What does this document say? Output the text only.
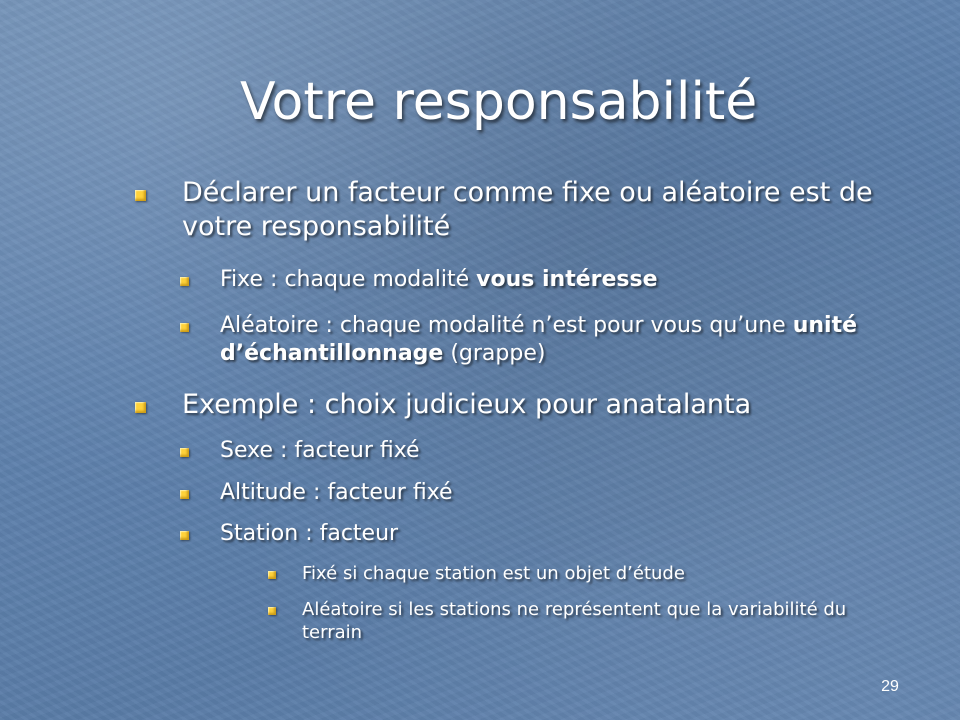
Votre responsabilité
Déclarer un facteur comme fixe ou aléatoire est de votre responsabilité
Fixe : chaque modalité vous intéresse
Aléatoire : chaque modalité n’est pour vous qu’une unité d’échantillonnage (grappe)
Exemple : choix judicieux pour anatalanta
Sexe : facteur fixé
Altitude : facteur fixé
Station : facteur
Fixé si chaque station est un objet d’étude
Aléatoire si les stations ne représentent que la variabilité du terrain
29
